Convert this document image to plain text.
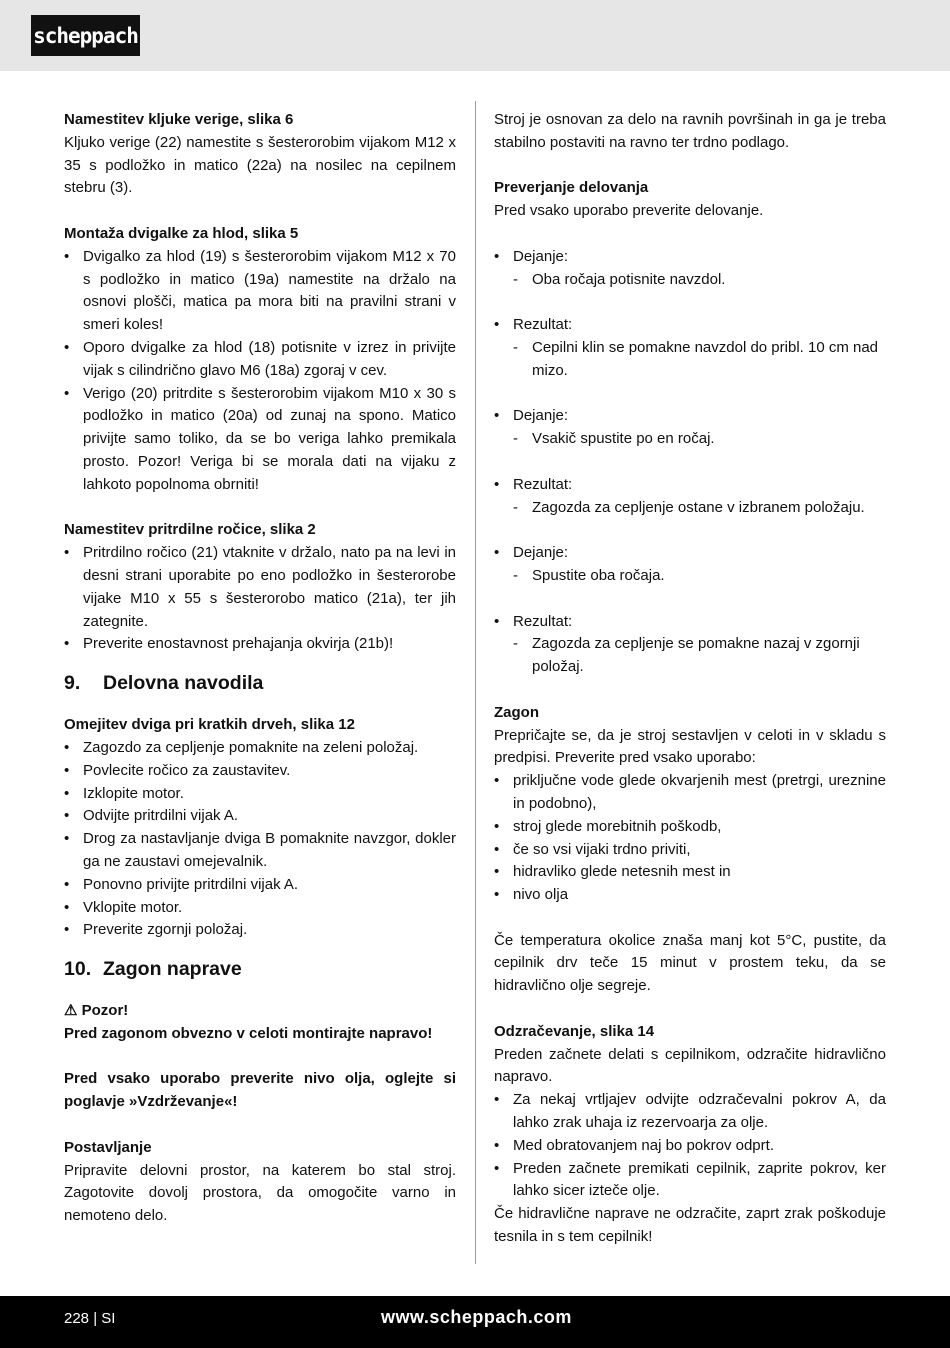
scheppach
Namestitev kljuke verige, slika 6
Kljuko verige (22) namestite s šesterorobim vijakom M12 x 35 s podložko in matico (22a) na nosilec na cepilnem stebru (3).
Montaža dvigalke za hlod, slika 5
• Dvigalko za hlod (19) s šesterorobim vijakom M12 x 70 s podložko in matico (19a) namestite na držalo na osnovi plošči, matica pa mora biti na pravilni strani v smeri koles!
• Oporo dvigalke za hlod (18) potisnite v izrez in privijte vijak s cilindrično glavo M6 (18a) zgoraj v cev.
• Verigo (20) pritrdite s šesterorobim vijakom M10 x 30 s podložko in matico (20a) od zunaj na spono. Matico privijte samo toliko, da se bo veriga lahko premikala prosto. Pozor! Veriga bi se morala dati na vijaku z lahkoto popolnoma obrniti!
Namestitev pritrdilne ročice, slika 2
• Pritrdilno ročico (21) vtaknite v držalo, nato pa na levi in desni strani uporabite po eno podložko in šesterorobe vijake M10 x 55 s šesterorobo matico (21a), ter jih zategnite.
• Preverite enostavnost prehajanja okvirja (21b)!
9.	Delovna navodila
Omejitev dviga pri kratkih drveh, slika 12
• Zagozdo za cepljenje pomaknite na zeleni položaj.
• Povlecite ročico za zaustavitev.
• Izklopite motor.
• Odvijte pritrdilni vijak A.
• Drog za nastavljanje dviga B pomaknite navzgor, dokler ga ne zaustavi omejevalnik.
• Ponovno privijte pritrdilni vijak A.
• Vklopite motor.
• Preverite zgornji položaj.
10. Zagon naprave
⚠ Pozor!
Pred zagonom obvezno v celoti montirajte napravo!
Pred vsako uporabo preverite nivo olja, oglejte si poglavje »Vzdrževanje«!
Postavljanje
Pripravite delovni prostor, na katerem bo stal stroj. Zagotovite dovolj prostora, da omogočite varno in nemoteno delo.
Stroj je osnovan za delo na ravnih površinah in ga je treba stabilno postaviti na ravno ter trdno podlago.
Preverjanje delovanja
Pred vsako uporabo preverite delovanje.
• Dejanje:
- Oba ročaja potisnite navzdol.
• Rezultat:
- Cepilni klin se pomakne navzdol do pribl. 10 cm nad mizo.
• Dejanje:
- Vsakič spustite po en ročaj.
• Rezultat:
- Zagozda za cepljenje ostane v izbranem položaju.
• Dejanje:
- Spustite oba ročaja.
• Rezultat:
- Zagozda za cepljenje se pomakne nazaj v zgornji položaj.
Zagon
Prepričajte se, da je stroj sestavljen v celoti in v skladu s predpisi. Preverite pred vsako uporabo:
• priključne vode glede okvarjenih mest (pretrgi, ureznine in podobno),
• stroj glede morebitnih poškodb,
• če so vsi vijaki trdno priviti,
• hidravliko glede netesnih mest in
• nivo olja
Če temperatura okolice znaša manj kot 5°C, pustite, da cepilnik drv teče 15 minut v prostem teku, da se hidravlično olje segreje.
Odzračevanje, slika 14
Preden začnete delati s cepilnikom, odzračite hidravlično napravo.
• Za nekaj vrtljajev odvijte odzračevalni pokrov A, da lahko zrak uhaja iz rezervoarja za olje.
• Med obratovanjem naj bo pokrov odprt.
• Preden začnete premikati cepilnik, zaprite pokrov, ker lahko sicer izteče olje.
Če hidravlične naprave ne odzračite, zaprt zrak poškoduje tesnila in s tem cepilnik!
228 | SI	www.scheppach.com
